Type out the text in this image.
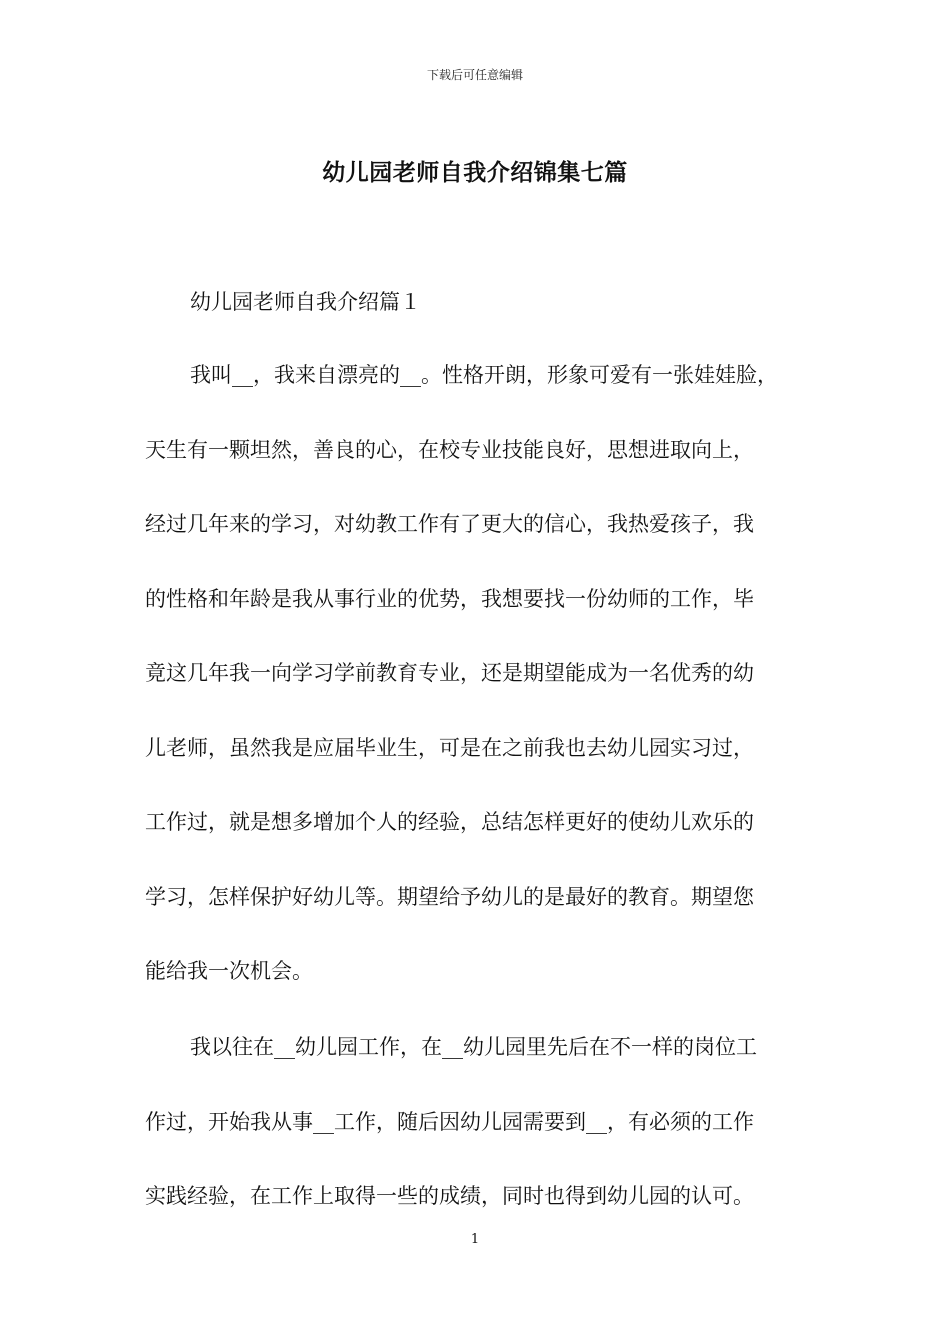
下载后可任意编辑
幼儿园老师自我介绍锦集七篇
幼儿园老师自我介绍篇１
我叫__，我来自漂亮的__。性格开朗，形象可爱有一张娃娃脸，
天生有一颗坦然，善良的心，在校专业技能良好，思想进取向上，
经过几年来的学习，对幼教工作有了更大的信心，我热爱孩子，我
的性格和年龄是我从事行业的优势，我想要找一份幼师的工作，毕
竟这几年我一向学习学前教育专业，还是期望能成为一名优秀的幼
儿老师，虽然我是应届毕业生，可是在之前我也去幼儿园实习过，
工作过，就是想多增加个人的经验，总结怎样更好的使幼儿欢乐的
学习，怎样保护好幼儿等。期望给予幼儿的是最好的教育。期望您
能给我一次机会。
我以往在__幼儿园工作，在__幼儿园里先后在不一样的岗位工
作过，开始我从事__工作，随后因幼儿园需要到__，有必须的工作
实践经验，在工作上取得一些的成绩，同时也得到幼儿园的认可。
1
